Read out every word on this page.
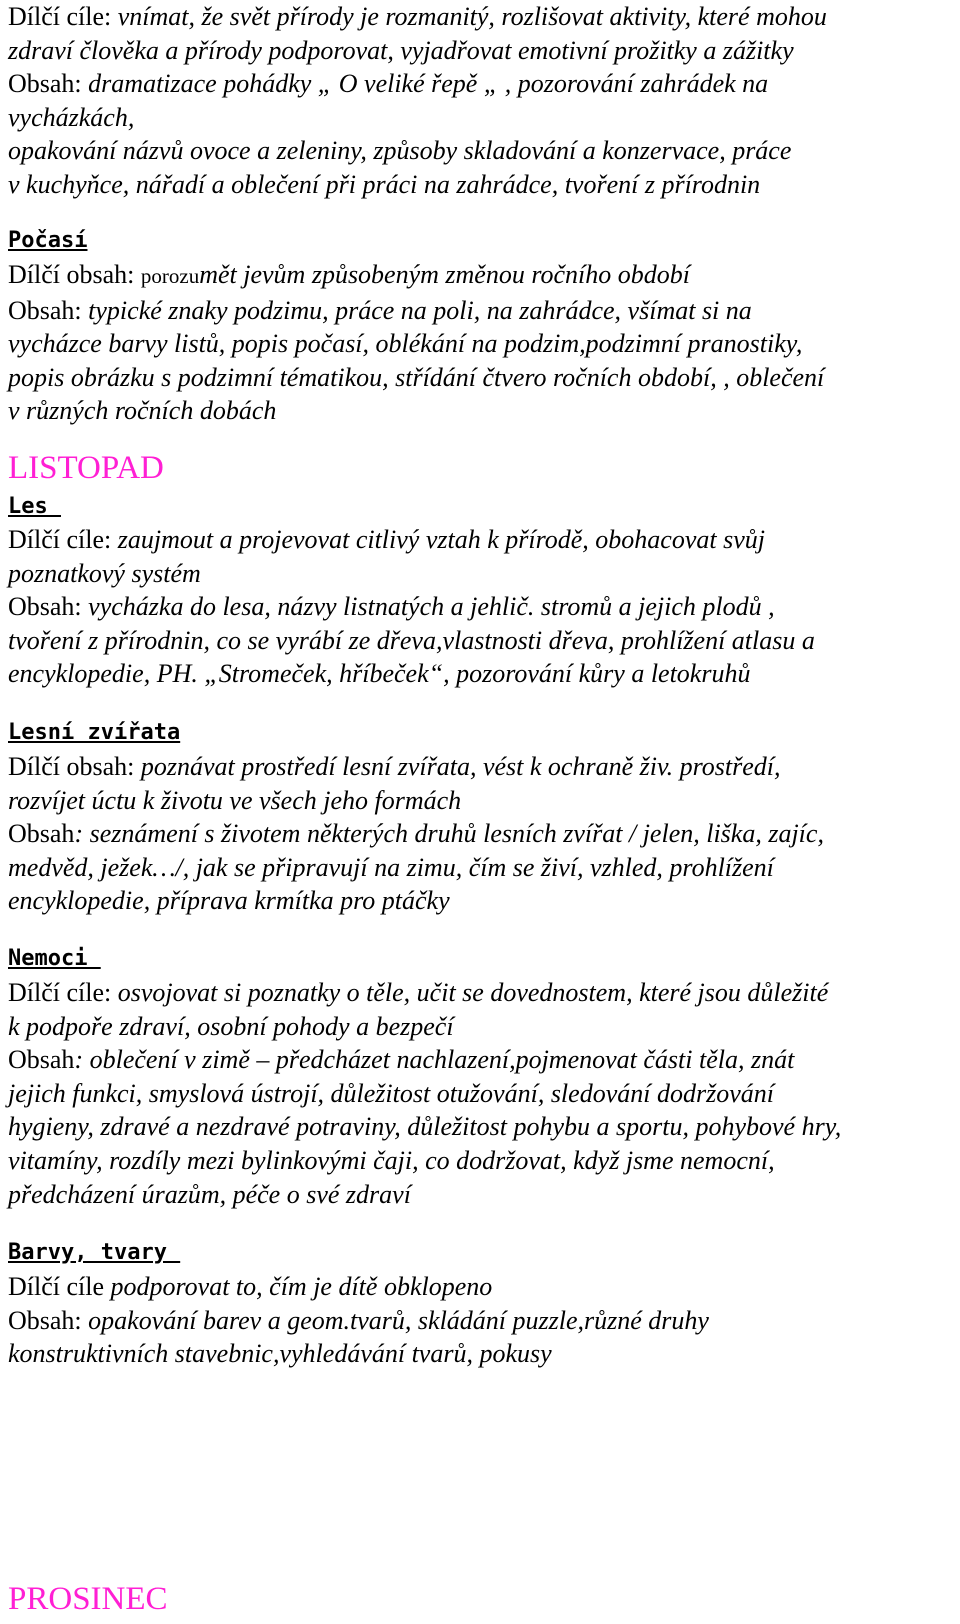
Dílčí cíle: vnímat, že svět přírody je rozmanitý, rozlišovat aktivity, které mohou

zdraví člověka a přírody podporovat, vyjadřovat emotivní prožitky a zážitky

Obsah: dramatizace pohádky „ O veliké řepě „ , pozorování zahrádek na

vycházkách,

opakování názvů ovoce a zeleniny, způsoby skladování a konzervace, práce

v kuchyňce, nářadí a oblečení při práci na zahrádce, tvoření z přírodnin

Počasí

Dílčí obsah: porozumět jevům způsobeným změnou ročního období

Obsah: typické znaky podzimu, práce na poli, na zahrádce, všímat si na

vycházce barvy listů, popis počasí, oblékání na podzim,podzimní pranostiky,

popis obrázku s podzimní tématikou, střídání čtvero ročních období, , oblečení

v různých ročních dobách

LISTOPAD

Les

Dílčí cíle: zaujmout a projevovat citlivý vztah k přírodě, obohacovat svůj

poznatkový systém

Obsah: vycházka do lesa, názvy listnatých a jehlič. stromů a jejich plodů ,

tvoření z přírodnin, co se vyrábí ze dřeva,vlastnosti dřeva, prohlížení atlasu a

encyklopedie, PH. „Stromeček, hříbeček“, pozorování kůry a letokruhů

Lesní zvířata

Dílčí obsah: poznávat prostředí lesní zvířata, vést k ochraně živ. prostředí,

rozvíjet úctu k životu ve všech jeho formách

Obsah: seznámení s životem některých druhů lesních zvířat / jelen, liška, zajíc,

medvěd, ježek…/, jak se připravují na zimu, čím se živí, vzhled, prohlížení

encyklopedie, příprava krmítka pro ptáčky

Nemoci

Dílčí cíle: osvojovat si poznatky o těle, učit se dovednostem, které jsou důležité

k podpoře zdraví, osobní pohody a bezpečí

Obsah: oblečení v zimě – předcházet nachlazení,pojmenovat části těla, znát

jejich funkci, smyslová ústrojí, důležitost otužování, sledování dodržování

hygieny, zdravé a nezdravé potraviny, důležitost pohybu a sportu, pohybové hry,

vitamíny, rozdíly mezi bylinkovými čaji, co dodržovat, když jsme nemocní,

předcházení úrazům, péče o své zdraví

Barvy, tvary

Dílčí cíle podporovat to, čím je dítě obklopeno

Obsah: opakování barev a geom.tvarů, skládání puzzle,různé druhy

konstruktivních stavebnic,vyhledávání tvarů, pokusy

PROSINEC
